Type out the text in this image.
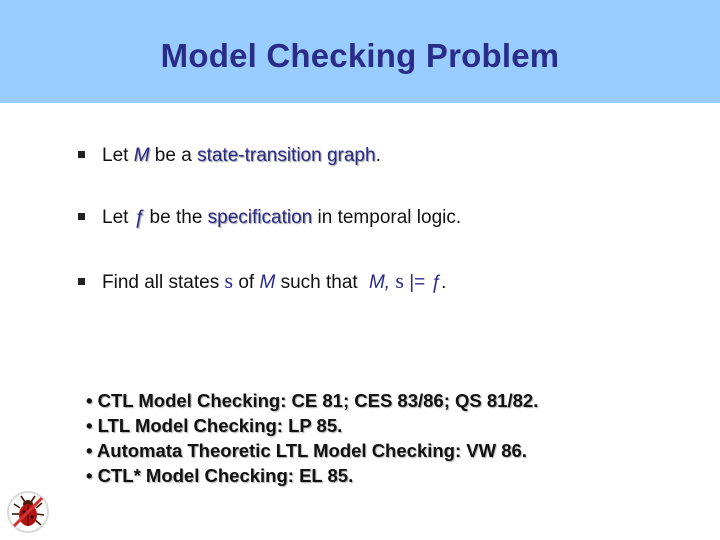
Model Checking Problem
Let M be a state-transition graph.
Let ƒ be the specification in temporal logic.
Find all states s of M such that M, s |= ƒ.
• CTL Model Checking: CE 81; CES 83/86; QS 81/82.
• LTL Model Checking: LP 85.
• Automata Theoretic LTL Model Checking: VW 86.
• CTL* Model Checking: EL 85.
